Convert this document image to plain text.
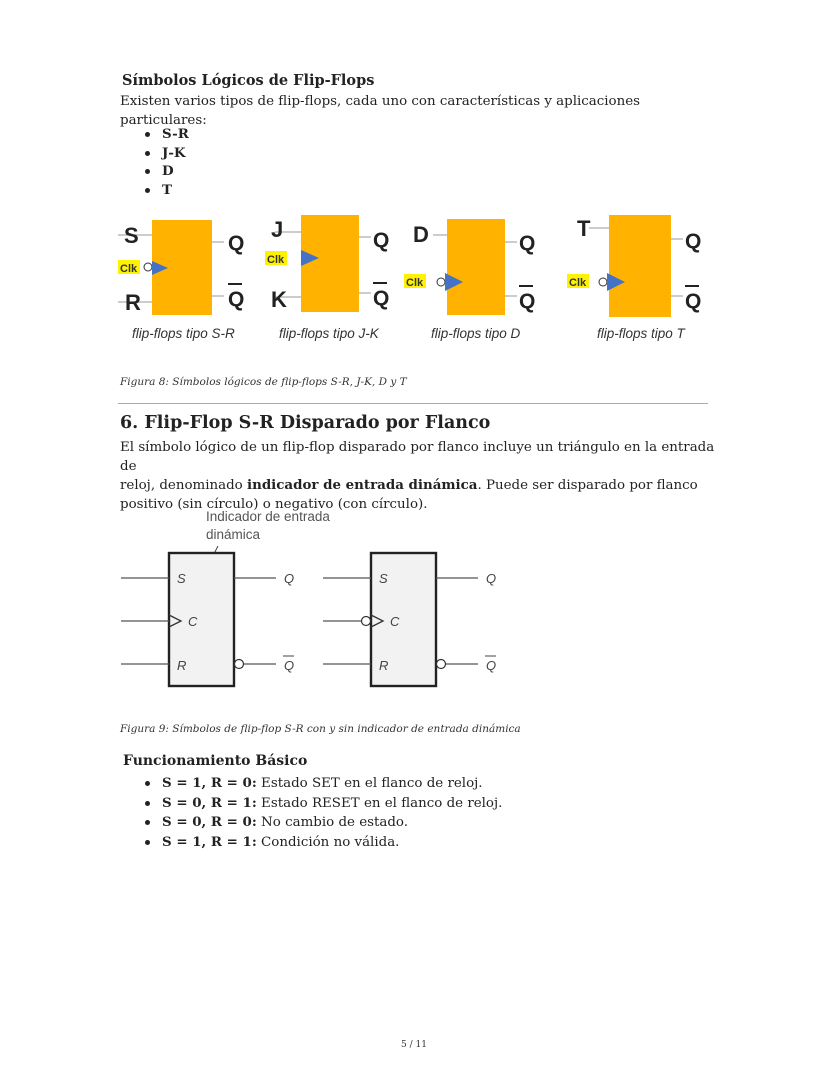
Símbolos Lógicos de Flip-Flops

Existen varios tipos de flip-flops, cada uno con características y aplicaciones particulares:

S-R
J-K
D
T
Clk
S
R
Q
Q
flip-flops tipo S-R
Clk
J
K
Q
Q
flip-flops tipo J-K
Clk
D	Q
Q
flip-flops tipo D
Clk
T
Q
Q
flip-flops tipo T

Figura 8: Símbolos lógicos de flip-flops S-R, J-K, D y T

6. Flip-Flop S-R Disparado por Flanco

El símbolo lógico de un flip-flop disparado por flanco incluye un triángulo en la entrada de
reloj, denominado indicador de entrada dinámica. Puede ser disparado por flanco
positivo (sin círculo) o negativo (con círculo).

Indicador de entrada
dinámica
S
C
R
Q
Q
S
C
R
Q
Q

Figura 9: Símbolos de flip-flop S-R con y sin indicador de entrada dinámica

Funcionamiento Básico
S = 1, R = 0: Estado SET en el flanco de reloj.
S = 0, R = 1: Estado RESET en el flanco de reloj.
S = 0, R = 0: No cambio de estado.
S = 1, R = 1: Condición no válida.
5 / 11
